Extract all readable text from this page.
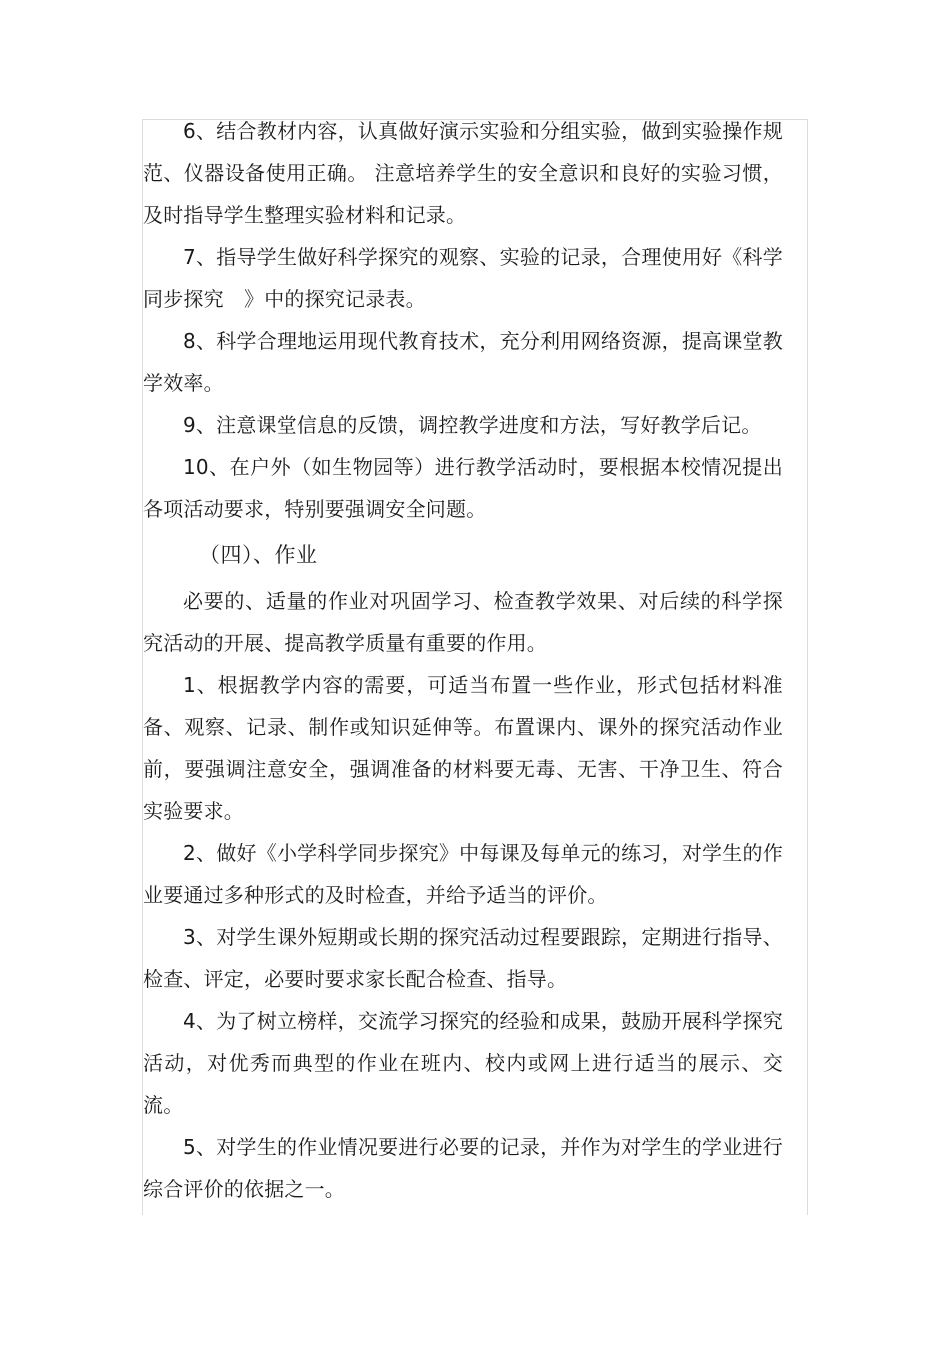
6、结合教材内容，认真做好演示实验和分组实验，做到实验操作规范、仪器设备使用正确。 注意培养学生的安全意识和良好的实验习惯，及时指导学生整理实验材料和记录。

7、指导学生做好科学探究的观察、实验的记录，合理使用好《科学同步探究　》中的探究记录表。

8、科学合理地运用现代教育技术，充分利用网络资源，提高课堂教学效率。

9、注意课堂信息的反馈，调控教学进度和方法，写好教学后记。

10、在户外（如生物园等）进行教学活动时，要根据本校情况提出各项活动要求，特别要强调安全问题。

（四）、作业

必要的、适量的作业对巩固学习、检查教学效果、对后续的科学探究活动的开展、提高教学质量有重要的作用。

1、根据教学内容的需要，可适当布置一些作业，形式包括材料准备、观察、记录、制作或知识延伸等。布置课内、课外的探究活动作业前，要强调注意安全，强调准备的材料要无毒、无害、干净卫生、符合实验要求。

2、做好《小学科学同步探究》中每课及每单元的练习，对学生的作业要通过多种形式的及时检查，并给予适当的评价。

3、对学生课外短期或长期的探究活动过程要跟踪，定期进行指导、检查、评定，必要时要求家长配合检查、指导。

4、为了树立榜样，交流学习探究的经验和成果，鼓励开展科学探究活动，对优秀而典型的作业在班内、校内或网上进行适当的展示、交流。

5、对学生的作业情况要进行必要的记录，并作为对学生的学业进行综合评价的依据之一。
